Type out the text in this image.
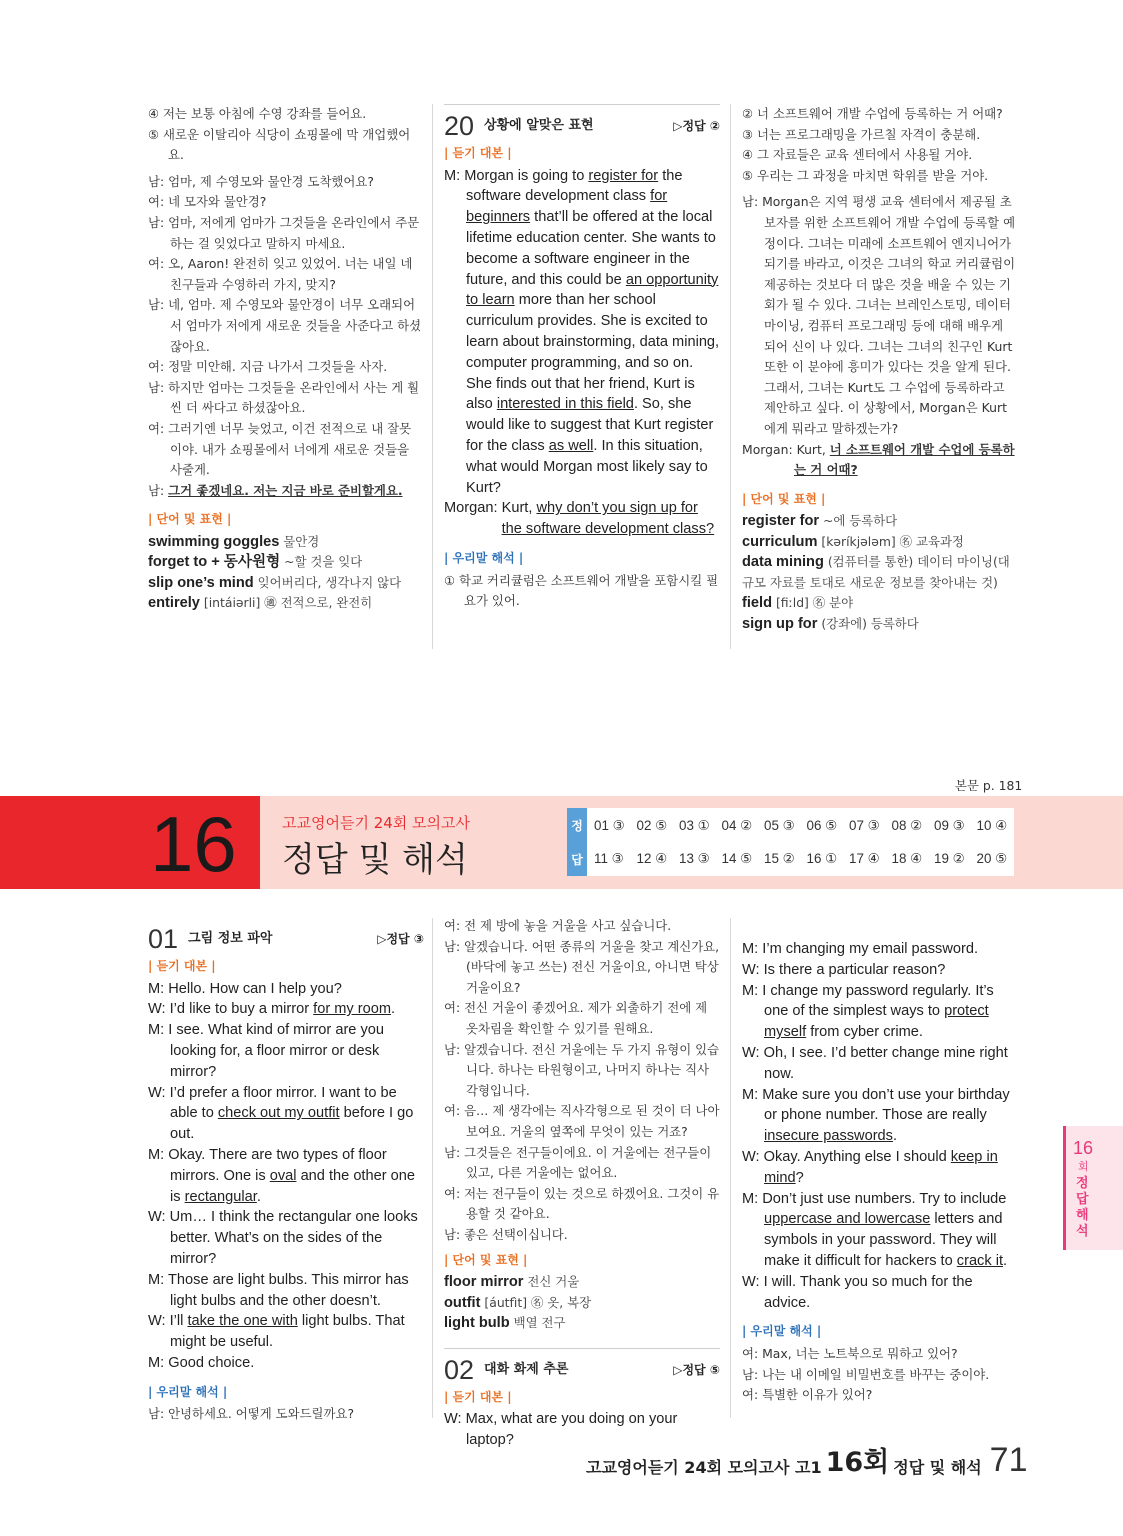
④ 저는 보통 아침에 수영 강좌를 들어요.

⑤ 새로운 이탈리아 식당이 쇼핑몰에 막 개업했어요.

남: 엄마, 제 수영모와 물안경 도착했어요?

여: 네 모자와 물안경?

남: 엄마, 저에게 엄마가 그것들을 온라인에서 주문하는 걸 잊었다고 말하지 마세요.

여: 오, Aaron! 완전히 잊고 있었어. 너는 내일 네 친구들과 수영하러 가지, 맞지?

남: 네, 엄마. 제 수영모와 물안경이 너무 오래되어서 엄마가 저에게 새로운 것들을 사준다고 하셨잖아요.

여: 정말 미안해. 지금 나가서 그것들을 사자.

남: 하지만 엄마는 그것들을 온라인에서 사는 게 훨씬 더 싸다고 하셨잖아요.

여: 그러기엔 너무 늦었고, 이건 전적으로 내 잘못이야. 내가 쇼핑몰에서 너에게 새로운 것들을 사줄게.

남: 그거 좋겠네요. 저는 지금 바로 준비할게요.

| 단어 및 표현 |
swimming goggles 물안경
forget to + 동사원형 ~할 것을 잊다
slip one’s mind 잊어버리다, 생각나지 않다
entirely [intáiərli] ㊜ 전적으로, 완전히
20 상황에 알맞은 표현	▷정답 ②
| 듣기 대본 |

M: Morgan is going to register for the software development class for beginners that’ll be offered at the local lifetime education center. She wants to become a software engineer in the future, and this could be an opportunity to learn more than her school curriculum provides. She is excited to learn about brainstorming, data mining, computer programming, and so on. She finds out that her friend, Kurt is also interested in this field. So, she would like to suggest that Kurt register for the class as well. In this situation, what would Morgan most likely say to Kurt?

Morgan: Kurt, why don’t you sign up for the software development class?
| 우리말 해석 |

① 학교 커리큘럼은 소프트웨어 개발을 포함시킬 필요가 있어.

② 너 소프트웨어 개발 수업에 등록하는 거 어때?

③ 너는 프로그래밍을 가르칠 자격이 충분해.

④ 그 자료들은 교육 센터에서 사용될 거야.

⑤ 우리는 그 과정을 마치면 학위를 받을 거야.

남: Morgan은 지역 평생 교육 센터에서 제공될 초보자를 위한 소프트웨어 개발 수업에 등록할 예정이다. 그녀는 미래에 소프트웨어 엔지니어가 되기를 바라고, 이것은 그녀의 학교 커리큘럼이 제공하는 것보다 더 많은 것을 배울 수 있는 기회가 될 수 있다. 그녀는 브레인스토밍, 데이터 마이닝, 컴퓨터 프로그래밍 등에 대해 배우게 되어 신이 나 있다. 그녀는 그녀의 친구인 Kurt 또한 이 분야에 흥미가 있다는 것을 알게 된다. 그래서, 그녀는 Kurt도 그 수업에 등록하라고 제안하고 싶다. 이 상황에서, Morgan은 Kurt에게 뭐라고 말하겠는가?

Morgan: Kurt, 너 소프트웨어 개발 수업에 등록하는 거 어때?

| 단어 및 표현 |
register for ~에 등록하다
curriculum [kəríkjələm] ㊔ 교육과정
data mining (컴퓨터를 통한) 데이터 마이닝(대규모 자료를 토대로 새로운 정보를 찾아내는 것)
field [fiːld] ㊔ 분야
sign up for (강좌에) 등록하다
본문 p. 181
16	고교영어듣기 24회 모의고사
정답 및 해석
정
답
01 ③ 02 ⑤ 03 ① 04 ② 05 ③ 06 ⑤ 07 ③ 08 ② 09 ③ 10 ④
11 ③ 12 ④ 13 ③ 14 ⑤ 15 ② 16 ① 17 ④ 18 ④ 19 ② 20 ⑤
01 그림 정보 파악	▷정답 ③
| 듣기 대본 |

M: Hello. How can I help you?

W: I’d like to buy a mirror for my room.

M: I see. What kind of mirror are you looking for, a floor mirror or desk mirror?

W: I’d prefer a floor mirror. I want to be able to check out my outfit before I go out.

M: Okay. There are two types of floor mirrors. One is oval and the other one is rectangular.

W: Um… I think the rectangular one looks better. What’s on the sides of the mirror?

M: Those are light bulbs. This mirror has light bulbs and the other doesn’t.

W: I’ll take the one with light bulbs. That might be useful.

M: Good choice.

| 우리말 해석 |

남: 안녕하세요. 어떻게 도와드릴까요?

여: 전 제 방에 놓을 거울을 사고 싶습니다.

남: 알겠습니다. 어떤 종류의 거울을 찾고 계신가요, (바닥에 놓고 쓰는) 전신 거울이요, 아니면 탁상 거울이요?

여: 전신 거울이 좋겠어요. 제가 외출하기 전에 제 옷차림을 확인할 수 있기를 원해요.

남: 알겠습니다. 전신 거울에는 두 가지 유형이 있습니다. 하나는 타원형이고, 나머지 하나는 직사각형입니다.

여: 음… 제 생각에는 직사각형으로 된 것이 더 나아 보여요. 거울의 옆쪽에 무엇이 있는 거죠?

남: 그것들은 전구들이에요. 이 거울에는 전구들이 있고, 다른 거울에는 없어요.

여: 저는 전구들이 있는 것으로 하겠어요. 그것이 유용할 것 같아요.

남: 좋은 선택이십니다.

| 단어 및 표현 |
floor mirror 전신 거울
outfit [áutfìt] ㊔ 옷, 복장
light bulb 백열 전구
02 대화 화제 추론	▷정답 ⑤
| 듣기 대본 |

W: Max, what are you doing on your laptop?

M: I’m changing my email password.

W: Is there a particular reason?

M: I change my password regularly. It’s one of the simplest ways to protect myself from cyber crime.

W: Oh, I see. I’d better change mine right now.

M: Make sure you don’t use your birthday or phone number. Those are really insecure passwords.

W: Okay. Anything else I should keep in mind?

M: Don’t just use numbers. Try to include uppercase and lowercase letters and symbols in your password. They will make it difficult for hackers to crack it.

W: I will. Thank you so much for the advice.

| 우리말 해석 |

여: Max, 너는 노트북으로 뭐하고 있어?

남: 나는 내 이메일 비밀번호를 바꾸는 중이야.

여: 특별한 이유가 있어?

16
회
정답해석
고교영어듣기 24회 모의고사 고1 16회 정답 및 해석 71
